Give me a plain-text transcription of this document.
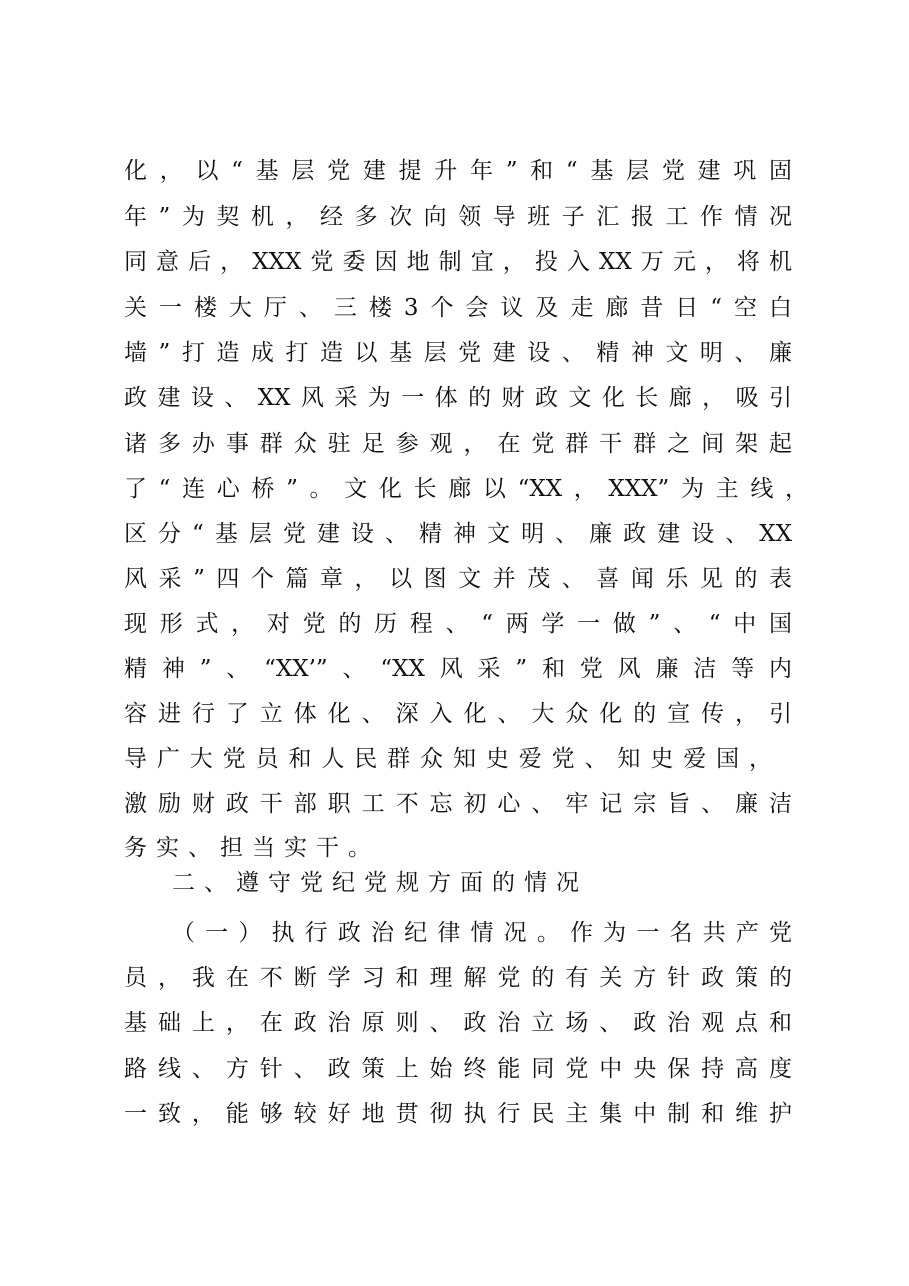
化，以“基层党建提升年”和“基层党建巩固
年”为契机，经多次向领导班子汇报工作情况
同意后，XXX党委因地制宜，投入XX万元，将机
关一楼大厅、三楼3个会议及走廊昔日“空白
墙”打造成打造以基层党建设、精神文明、廉
政建设、XX风采为一体的财政文化长廊，吸引
诸多办事群众驻足参观，在党群干群之间架起
了“连心桥”。文化长廊以“XX，XXX”为主线，
区分“基层党建设、精神文明、廉政建设、XX
风采”四个篇章，以图文并茂、喜闻乐见的表
现形式，对党的历程、“两学一做”、“中国
精神”、“XX’”、“XX风采”和党风廉洁等内
容进行了立体化、深入化、大众化的宣传，引
导广大党员和人民群众知史爱党、知史爱国，
激励财政干部职工不忘初心、牢记宗旨、廉洁
务实、担当实干。
二、遵守党纪党规方面的情况
（一）执行政治纪律情况。作为一名共产党
员，我在不断学习和理解党的有关方针政策的
基础上，在政治原则、政治立场、政治观点和
路线、方针、政策上始终能同党中央保持高度
一致，能够较好地贯彻执行民主集中制和维护
